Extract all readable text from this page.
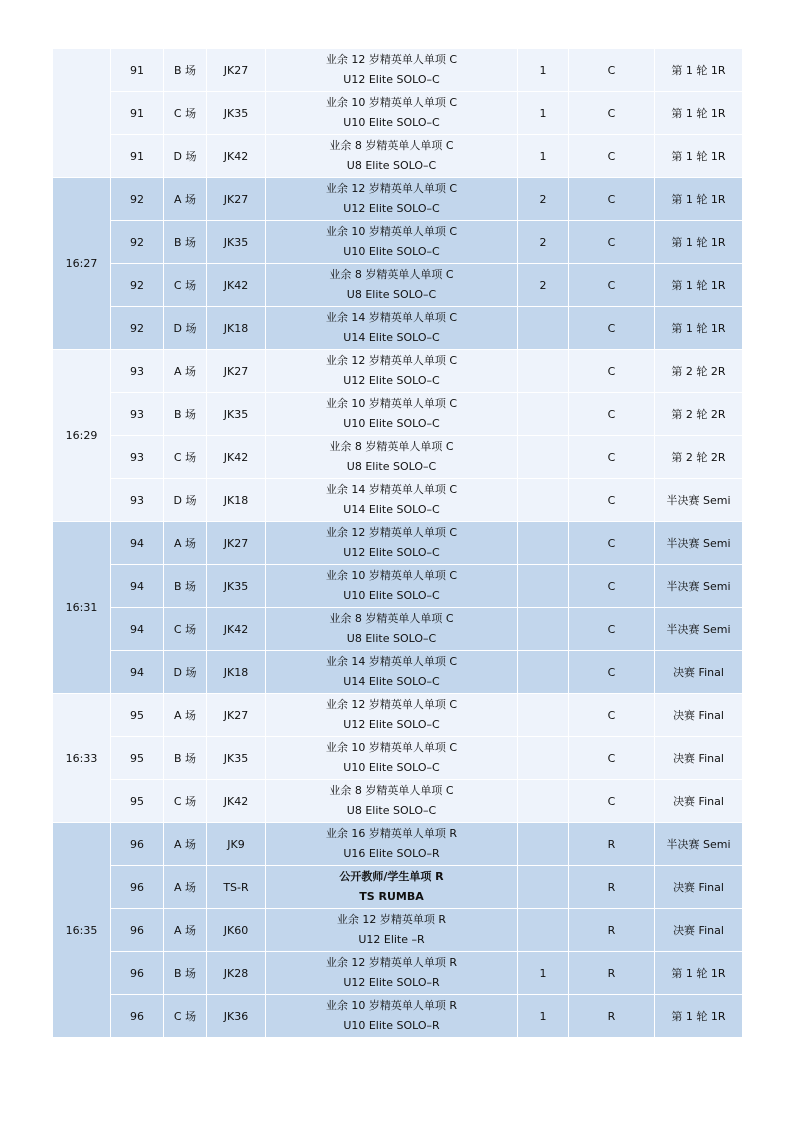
	91	B 场	JK27	业余 12 岁精英单人单项 C
U12 Elite SOLO–C	1	C	第 1 轮 1R
	91	C 场	JK35	业余 10 岁精英单人单项 C
U10 Elite SOLO–C	1	C	第 1 轮 1R
	91	D 场	JK42	业余 8 岁精英单人单项 C
U8 Elite SOLO–C	1	C	第 1 轮 1R
16:27	92	A 场	JK27	业余 12 岁精英单人单项 C
U12 Elite SOLO–C	2	C	第 1 轮 1R
	92	B 场	JK35	业余 10 岁精英单人单项 C
U10 Elite SOLO–C	2	C	第 1 轮 1R
	92	C 场	JK42	业余 8 岁精英单人单项 C
U8 Elite SOLO–C	2	C	第 1 轮 1R
	92	D 场	JK18	业余 14 岁精英单人单项 C
U14 Elite SOLO–C		C	第 1 轮 1R
16:29	93	A 场	JK27	业余 12 岁精英单人单项 C
U12 Elite SOLO–C		C	第 2 轮 2R
	93	B 场	JK35	业余 10 岁精英单人单项 C
U10 Elite SOLO–C		C	第 2 轮 2R
	93	C 场	JK42	业余 8 岁精英单人单项 C
U8 Elite SOLO–C		C	第 2 轮 2R
	93	D 场	JK18	业余 14 岁精英单人单项 C
U14 Elite SOLO–C		C	半决赛 Semi
16:31	94	A 场	JK27	业余 12 岁精英单人单项 C
U12 Elite SOLO–C		C	半决赛 Semi
	94	B 场	JK35	业余 10 岁精英单人单项 C
U10 Elite SOLO–C		C	半决赛 Semi
	94	C 场	JK42	业余 8 岁精英单人单项 C
U8 Elite SOLO–C		C	半决赛 Semi
	94	D 场	JK18	业余 14 岁精英单人单项 C
U14 Elite SOLO–C		C	决赛 Final
16:33	95	A 场	JK27	业余 12 岁精英单人单项 C
U12 Elite SOLO–C		C	决赛 Final
	95	B 场	JK35	业余 10 岁精英单人单项 C
U10 Elite SOLO–C		C	决赛 Final
	95	C 场	JK42	业余 8 岁精英单人单项 C
U8 Elite SOLO–C		C	决赛 Final
16:35	96	A 场	JK9	业余 16 岁精英单人单项 R
U16 Elite SOLO–R		R	半决赛 Semi
	96	A 场	TS-R	公开教师/学生单项 R
TS RUMBA		R	决赛 Final
	96	A 场	JK60	业余 12 岁精英单项 R
U12 Elite –R		R	决赛 Final
	96	B 场	JK28	业余 12 岁精英单人单项 R
U12 Elite SOLO–R	1	R	第 1 轮 1R
	96	C 场	JK36	业余 10 岁精英单人单项 R
U10 Elite SOLO–R	1	R	第 1 轮 1R
